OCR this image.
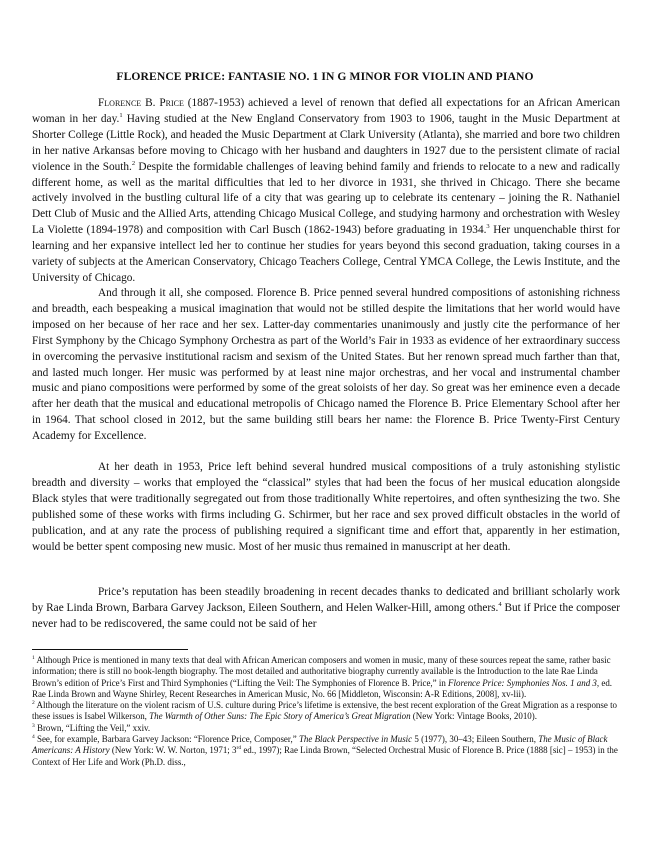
FLORENCE PRICE: FANTASIE NO. 1 IN G MINOR FOR VIOLIN AND PIANO

Florence B. Price (1887-1953) achieved a level of renown that defied all expectations for an African American woman in her day.$^1$ Having studied at the New England Conservatory from 1903 to 1906, taught in the Music Department at Shorter College (Little Rock), and headed the Music Department at Clark University (Atlanta), she married and bore two children in her native Arkansas before moving to Chicago with her husband and daughters in 1927 due to the persistent climate of racial violence in the South.$^2$ Despite the formidable challenges of leaving behind family and friends to relocate to a new and radically different home, as well as the marital difficulties that led to her divorce in 1931, she thrived in Chicago. There she became actively involved in the bustling cultural life of a city that was gearing up to celebrate its centenary – joining the R. Nathaniel Dett Club of Music and the Allied Arts, attending Chicago Musical College, and studying harmony and orchestration with Wesley La Violette (1894-1978) and composition with Carl Busch (1862-1943) before graduating in 1934.$^3$ Her unquenchable thirst for learning and her expansive intellect led her to continue her studies for years beyond this second graduation, taking courses in a variety of subjects at the American Conservatory, Chicago Teachers College, Central YMCA College, the Lewis Institute, and the University of Chicago.

And through it all, she composed. Florence B. Price penned several hundred compositions of astonishing richness and breadth, each bespeaking a musical imagination that would not be stilled despite the limitations that her world would have imposed on her because of her race and her sex. Latter-day commentaries unanimously and justly cite the performance of her First Symphony by the Chicago Symphony Orchestra as part of the World’s Fair in 1933 as evidence of her extraordinary success in overcoming the pervasive institutional racism and sexism of the United States. But her renown spread much farther than that, and lasted much longer. Her music was performed by at least nine major orchestras, and her vocal and instrumental chamber music and piano compositions were performed by some of the great soloists of her day. So great was her eminence even a decade after her death that the musical and educational metropolis of Chicago named the Florence B. Price Elementary School after her in 1964. That school closed in 2012, but the same building still bears her name: the Florence B. Price Twenty-First Century Academy for Excellence.

At her death in 1953, Price left behind several hundred musical compositions of a truly astonishing stylistic breadth and diversity – works that employed the “classical” styles that had been the focus of her musical education alongside Black styles that were traditionally segregated out from those traditionally White repertoires, and often synthesizing the two. She published some of these works with firms including G. Schirmer, but her race and sex proved difficult obstacles in the world of publication, and at any rate the process of publishing required a significant time and effort that, apparently in her estimation, would be better spent composing new music. Most of her music thus remained in manuscript at her death.

Price’s reputation has been steadily broadening in recent decades thanks to dedicated and brilliant scholarly work by Rae Linda Brown, Barbara Garvey Jackson, Eileen Southern, and Helen Walker-Hill, among others.$^4$ But if Price the composer never had to be rediscovered, the same could not be said of her

$^1$ Although Price is mentioned in many texts that deal with African American composers and women in music, many of these sources repeat the same, rather basic information; there is still no book-length biography. The most detailed and authoritative biography currently available is the Introduction to the late Rae Linda Brown’s edition of Price’s First and Third Symphonies (“Lifting the Veil: The Symphonies of Florence B. Price,” in Florence Price: Symphonies Nos. 1 and 3, ed. Rae Linda Brown and Wayne Shirley, Recent Researches in American Music, No. 66 [Middleton, Wisconsin: A-R Editions, 2008], xv-lii).

$^2$ Although the literature on the violent racism of U.S. culture during Price’s lifetime is extensive, the best recent exploration of the Great Migration as a response to these issues is Isabel Wilkerson, The Warmth of Other Suns: The Epic Story of America’s Great Migration (New York: Vintage Books, 2010).

$^3$ Brown, “Lifting the Veil,” xxiv.

$^4$ See, for example, Barbara Garvey Jackson: “Florence Price, Composer,” The Black Perspective in Music 5 (1977), 30–43; Eileen Southern, The Music of Black Americans: A History (New York: W. W. Norton, 1971; 3rd ed., 1997); Rae Linda Brown, “Selected Orchestral Music of Florence B. Price (1888 [sic] – 1953) in the Context of Her Life and Work (Ph.D. diss.,
